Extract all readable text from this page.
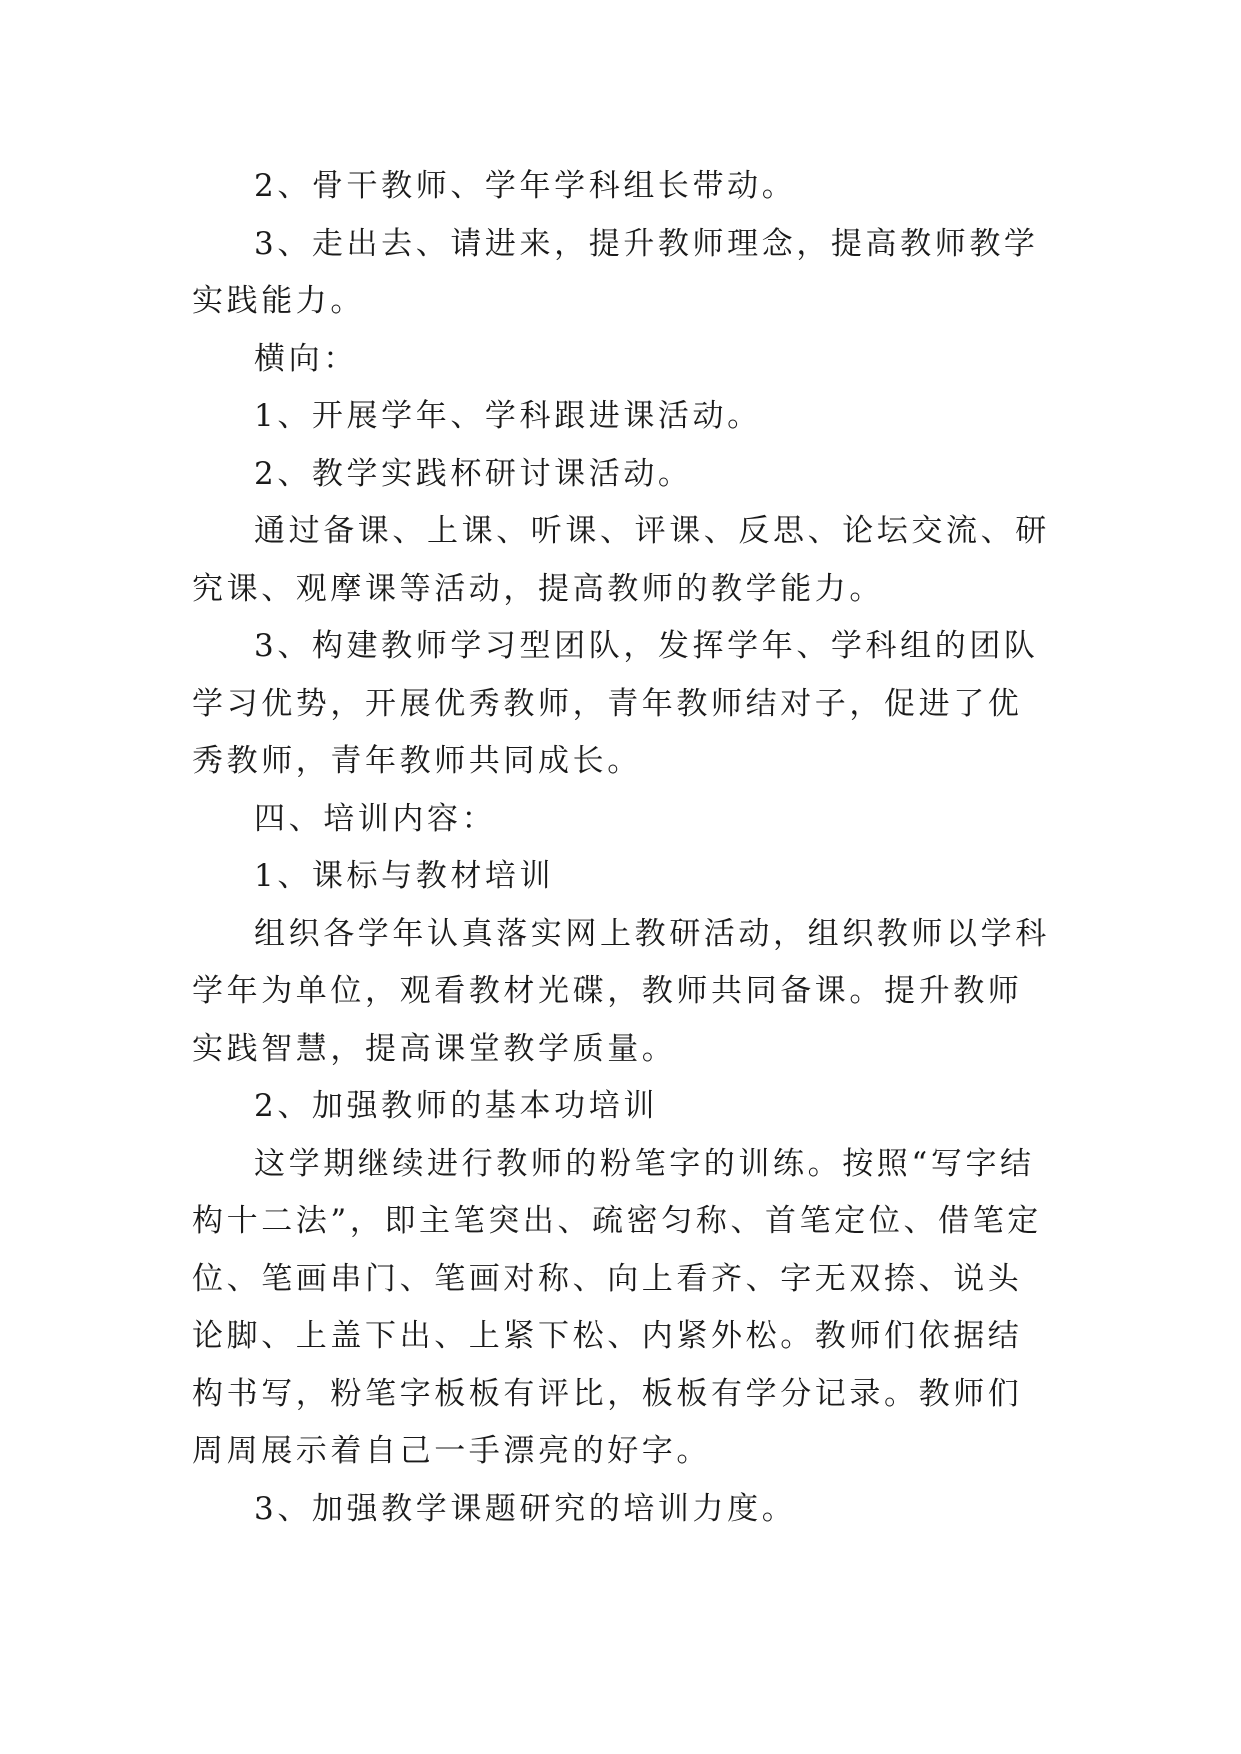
2、骨干教师、学年学科组长带动。

3、走出去、请进来，提升教师理念，提高教师教学实践能力。

横向：

1、开展学年、学科跟进课活动。

2、教学实践杯研讨课活动。

通过备课、上课、听课、评课、反思、论坛交流、研究课、观摩课等活动，提高教师的教学能力。

3、构建教师学习型团队，发挥学年、学科组的团队学习优势，开展优秀教师，青年教师结对子，促进了优秀教师，青年教师共同成长。

四、培训内容：

1、课标与教材培训

组织各学年认真落实网上教研活动，组织教师以学科学年为单位，观看教材光碟，教师共同备课。提升教师实践智慧，提高课堂教学质量。

2、加强教师的基本功培训

这学期继续进行教师的粉笔字的训练。按照“写字结构十二法”，即主笔突出、疏密匀称、首笔定位、借笔定位、笔画串门、笔画对称、向上看齐、字无双捺、说头论脚、上盖下出、上紧下松、内紧外松。教师们依据结构书写，粉笔字板板有评比，板板有学分记录。教师们周周展示着自己一手漂亮的好字。

3、加强教学课题研究的培训力度。
